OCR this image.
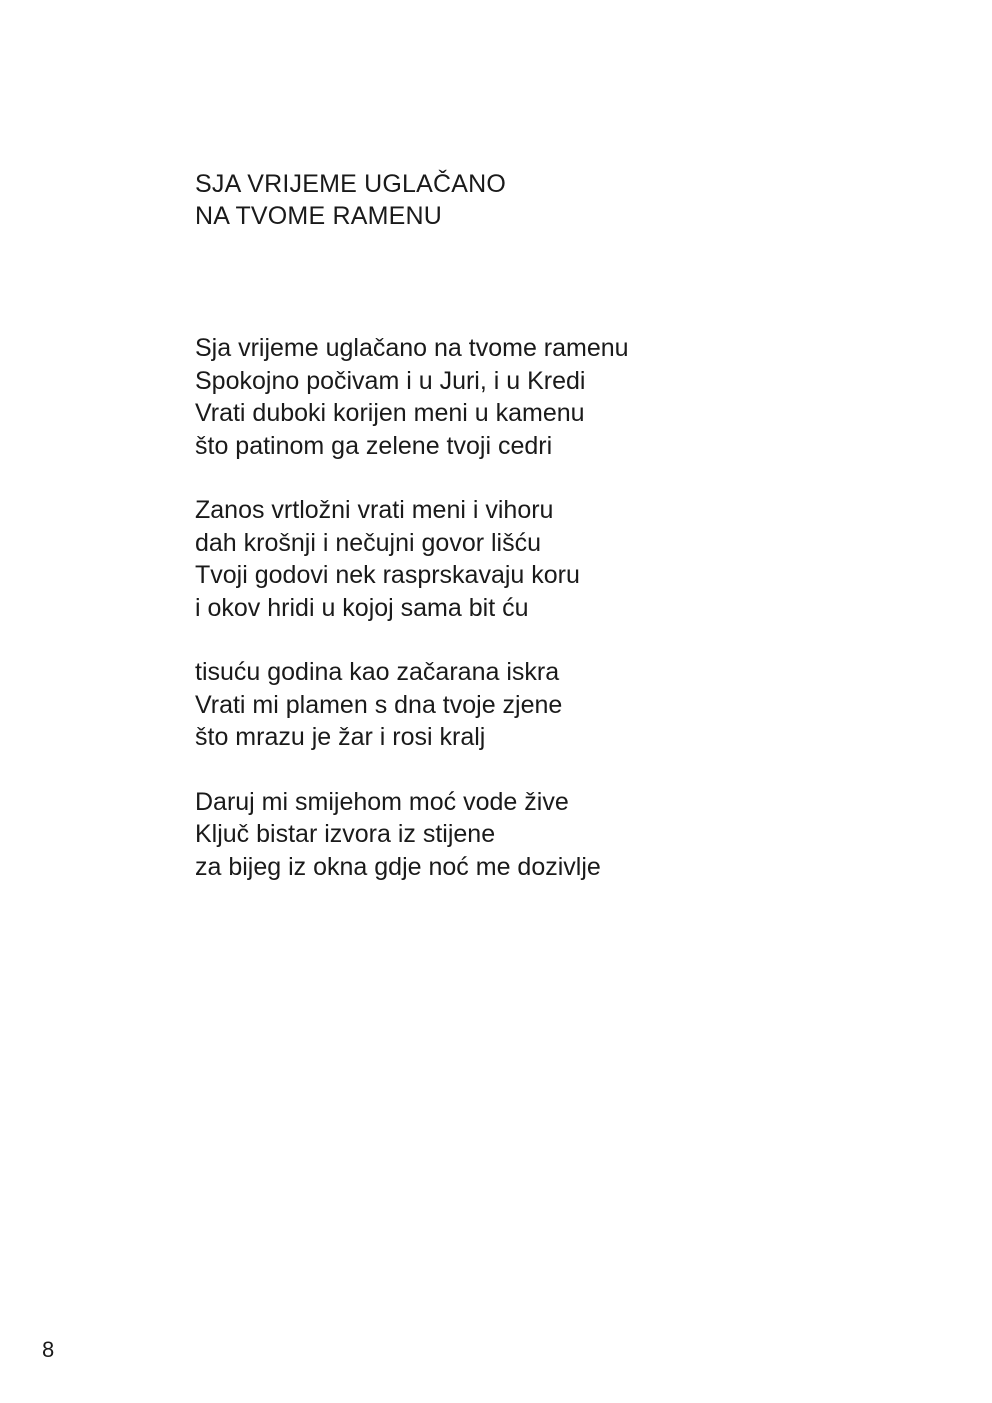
SJA VRIJEME UGLAČANO
NA TVOME RAMENU
Sja vrijeme uglačano na tvome ramenu
Spokojno počivam i u Juri, i u Kredi
Vrati duboki korijen meni u kamenu
što patinom ga zelene tvoji cedri
Zanos vrtložni vrati meni i vihoru
dah krošnji i nečujni govor lišću
Tvoji godovi nek rasprskavaju koru
i okov hridi u kojoj sama bit ću
tisuću godina kao začarana iskra
Vrati mi plamen s dna tvoje zjene
što mrazu je žar i rosi kralj
Daruj mi smijehom moć vode žive
Ključ bistar izvora iz stijene
za bijeg iz okna gdje noć me dozivlje
8
